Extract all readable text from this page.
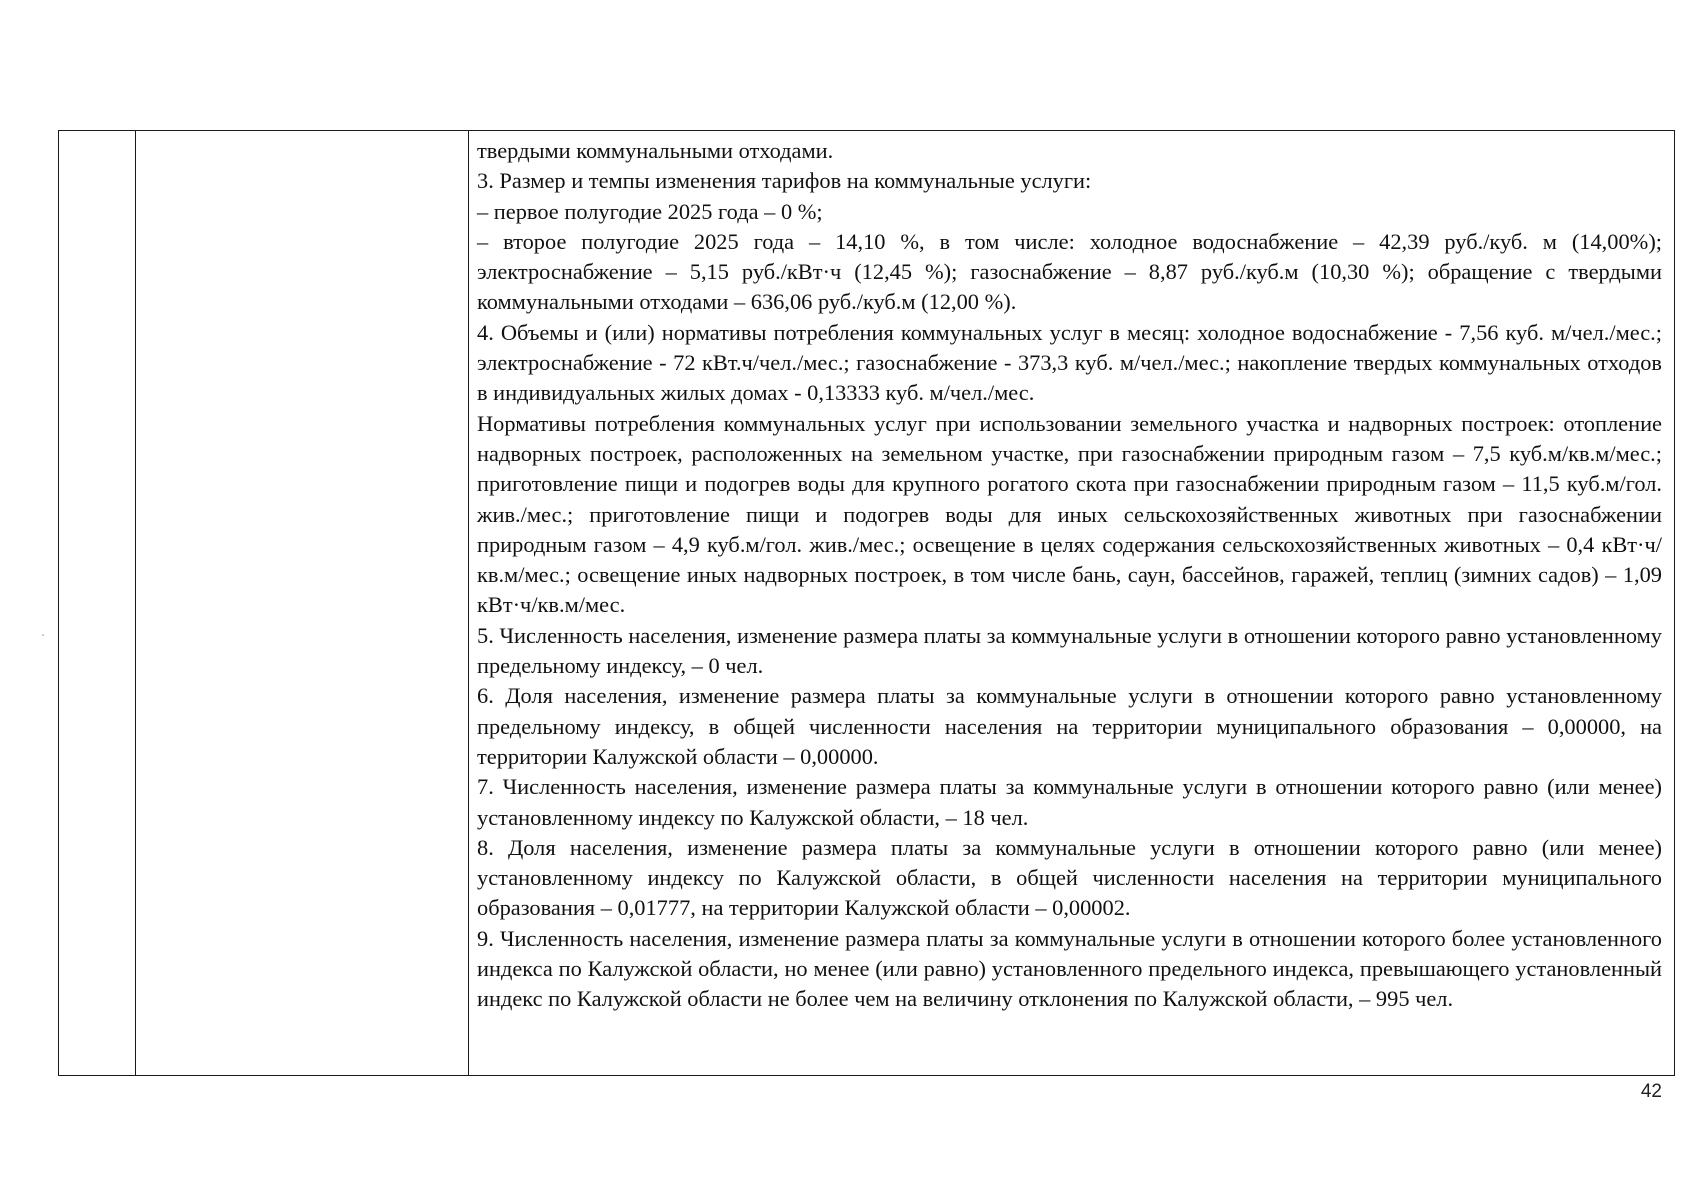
твердыми коммунальными отходами.

3. Размер и темпы изменения тарифов на коммунальные услуги:

– первое полугодие 2025 года – 0 %;

– второе полугодие 2025 года – 14,10 %, в том числе: холодное водоснабжение – 42,39 руб./куб. м (14,00%); электроснабжение – 5,15 руб./кВт·ч (12,45 %); газоснабжение – 8,87 руб./куб.м (10,30 %); обращение с твердыми коммунальными отходами – 636,06 руб./куб.м (12,00 %).

4. Объемы и (или) нормативы потребления коммунальных услуг в месяц: холодное водоснабжение - 7,56 куб. м/чел./мес.; электроснабжение - 72 кВт.ч/чел./мес.; газоснабжение - 373,3 куб. м/чел./мес.; накопление твердых коммунальных отходов в индивидуальных жилых домах - 0,13333 куб. м/чел./мес.

Нормативы потребления коммунальных услуг при использовании земельного участка и надворных построек: отопление надворных построек, расположенных на земельном участке, при газоснабжении природным газом – 7,5 куб.м/кв.м/мес.; приготовление пищи и подогрев воды для крупного рогатого скота при газоснабжении природным газом – 11,5 куб.м/гол. жив./мес.; приготовление пищи и подогрев воды для иных сельскохозяйственных животных при газоснабжении природным газом – 4,9 куб.м/гол. жив./мес.; освещение в целях содержания сельскохозяйственных животных – 0,4 кВт·ч/кв.м/мес.; освещение иных надворных построек, в том числе бань, саун, бассейнов, гаражей, теплиц (зимних садов) – 1,09 кВт·ч/кв.м/мес.

5. Численность населения, изменение размера платы за коммунальные услуги в отношении которого равно установленному предельному индексу, – 0 чел.

6. Доля населения, изменение размера платы за коммунальные услуги в отношении которого равно установленному предельному индексу, в общей численности населения на территории муниципального образования – 0,00000, на территории Калужской области – 0,00000.

7. Численность населения, изменение размера платы за коммунальные услуги в отношении которого равно (или менее) установленному индексу по Калужской области, – 18 чел.

8. Доля населения, изменение размера платы за коммунальные услуги в отношении которого равно (или менее) установленному индексу по Калужской области, в общей численности населения на территории муниципального образования – 0,01777, на территории Калужской области – 0,00002.

9. Численность населения, изменение размера платы за коммунальные услуги в отношении которого более установленного индекса по Калужской области, но менее (или равно) установленного предельного индекса, превышающего установленный индекс по Калужской области не более чем на величину отклонения по Калужской области, – 995 чел.

42
